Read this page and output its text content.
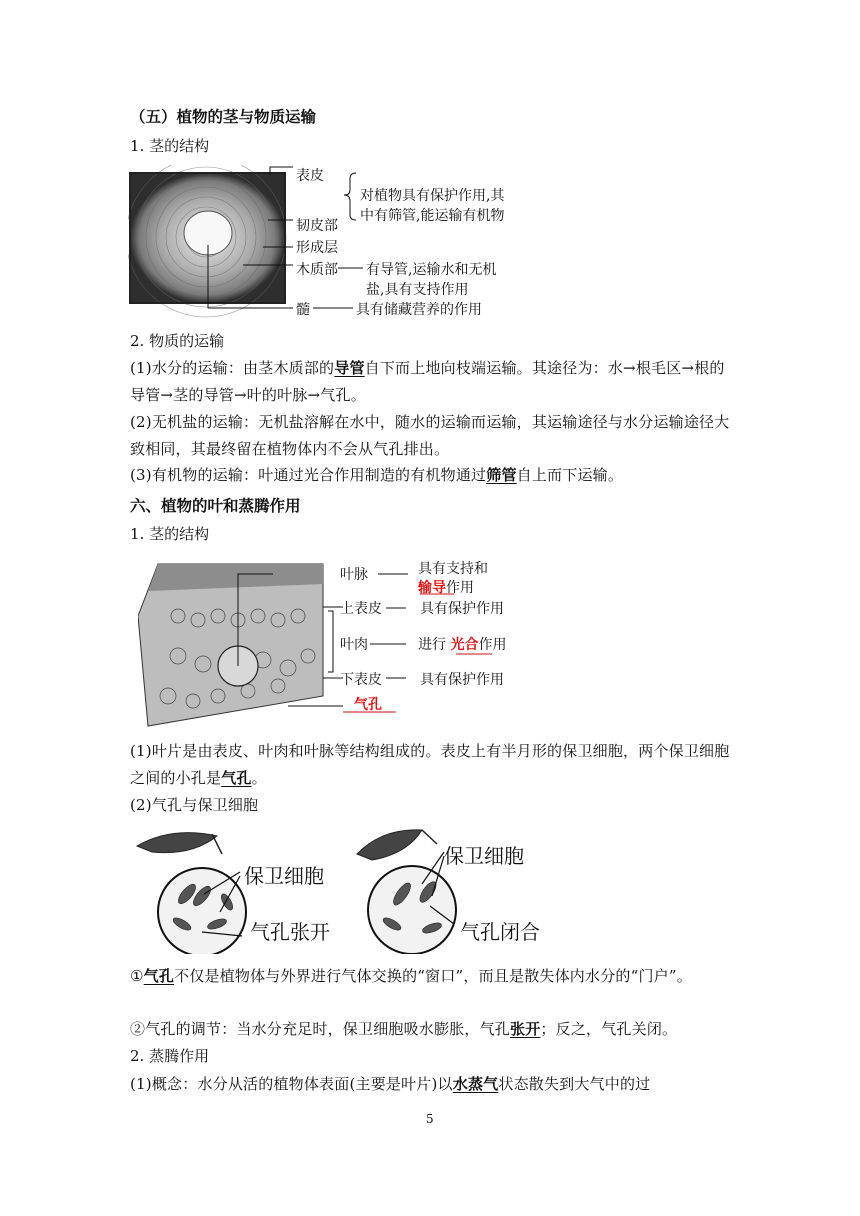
（五）植物的茎与物质运输
1. 茎的结构
表皮
韧皮部
形成层
木质部
髓
对植物具有保护作用,其
中有筛管,能运输有机物
有导管,运输水和无机
盐,具有支持作用
具有储藏营养的作用
2. 物质的运输
(1)水分的运输：由茎木质部的导管自下而上地向枝端运输。其途径为：水→根毛区→根的导管→茎的导管→叶的叶脉→气孔。
(2)无机盐的运输：无机盐溶解在水中，随水的运输而运输，其运输途径与水分运输途径大致相同，其最终留在植物体内不会从气孔排出。
(3)有机物的运输：叶通过光合作用制造的有机物通过筛管自上而下运输。
六、植物的叶和蒸腾作用
1. 茎的结构
叶脉	具有支持和
输导作用
上表皮	具有保护作用
叶肉	进行 光合作用
下表皮	具有保护作用
气孔
(1)叶片是由表皮、叶肉和叶脉等结构组成的。表皮上有半月形的保卫细胞，两个保卫细胞之间的小孔是气孔。
(2)气孔与保卫细胞
保卫细胞
气孔张开
保卫细胞
气孔闭合
①气孔不仅是植物体与外界进行气体交换的“窗口”，而且是散失体内水分的“门户”。
②气孔的调节：当水分充足时，保卫细胞吸水膨胀，气孔张开；反之，气孔关闭。
2. 蒸腾作用
(1)概念：水分从活的植物体表面(主要是叶片)以水蒸气状态散失到大气中的过
5
